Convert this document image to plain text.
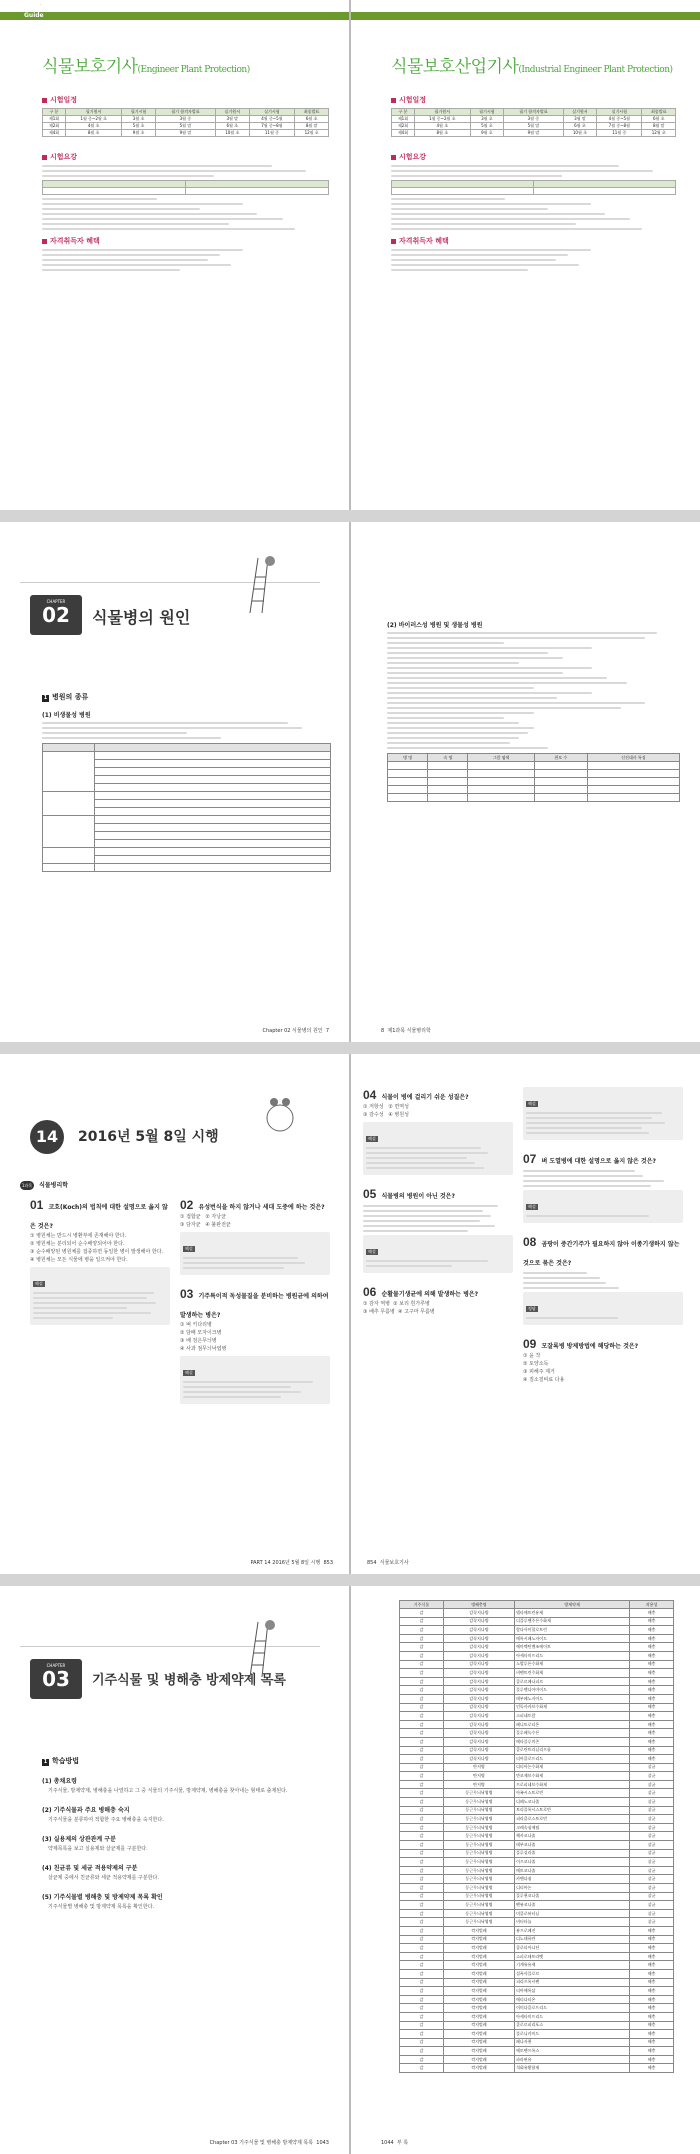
.
Guide
식물보호기사(Engineer Plant Protection)
시험일정
구 분	필기원서	필기시험	필기 합격자발표	실기원서	실기시험	최종발표
제1회	1월 중~2월 초	3월 초	3월 중	3월 말	4월 중~5월	6월 초
제2회	4월 초	5월 초	5월 말	6월 초	7월 중~8월	8월 말
제4회	8월 초	9월 초	9월 말	10월 초	11월 중	12월 초

시험요강

자격취득자 혜택
식물보호산업기사(Industrial Engineer Plant Protection)
시험일정
구 분	필기원서	필기시험	필기 합격자발표	실기원서	실기시험	최종발표
제1회	1월 중~2월 초	3월 초	3월 중	3월 말	4월 중~5월	6월 초
제2회	4월 초	5월 초	5월 말	6월 초	7월 중~8월	8월 말
제4회	8월 초	9월 초	9월 말	10월 초	11월 중	12월 초

시험요강

자격취득자 혜택
CHAPTER
02	식물병의 원인
1 병원의 종류
(1) 비생물성 병원

Chapter 02 식물병의 원인 7
(2) 바이러스성 병원 및 생물성 병원
병 명	속 명	그람 염색	편모 수	신진대사 특징

8 제1과목 식물병리학
14	2016년 5월 8일 시행
1과목 식물병리학
01 코흐(Koch)의 법칙에 대한 설명으로 옳지 않은 것은?
① 병원체는 반드시 병환부에 존재해야 한다.
② 병원체는 분리되어 순수배양되어야 한다.
③ 순수배양된 병원체를 접종하면 동일한 병이 발생해야 한다.
④ 병원체는 모든 식물에 병을 일으켜야 한다.
해설
02 유성번식을 하지 않거나 세대 도중에 하는 것은?
① 접합균 ② 자낭균
③ 담자균 ④ 불완전균
해설
03 기주특이적 독성물질을 분비하는 병원균에 의하여 발생하는 병은?
① 벼 키다리병
② 담배 모자이크병
③ 배 검은무늬병
④ 사과 점무늬낙엽병
해설
PART 14 2016년 5월 8일 시행 853
04 식물이 병에 걸리기 쉬운 성질은?
① 저항성 ② 면역성
③ 감수성 ④ 병원성
해설
05 식물병의 병원이 아닌 것은?
해설
06 순활물기생균에 의해 발생하는 병은?
① 감자 역병 ② 보리 흰가루병
③ 배추 무름병 ④ 고구마 무름병
해설
07 벼 도열병에 대한 설명으로 옳지 않은 것은?
해설
08 곰팡이 중간기주가 필요하지 않아 이종기생하지 않는 것으로 묶은 것은?
정답
09 모잘록병 방제방법에 해당하는 것은?
① 윤 작
② 토양소독
③ 피해주 제거
④ 질소질비료 다용
854 식물보호기사
CHAPTER
03	기주식물 및 병해충 방제약제 목록
1 학습방법
(1) 총채요령
기주식물, 방제약제, 병해충을 나열하고 그 중 식물의 기주식물, 방제약제, 병해충을 찾아내는 형태로 출제된다.
(2) 기주식물과 주요 병해충 숙지
기주식물을 분류하여 적합한 주요 병해충을 숙지한다.
(3) 실용제의 상관관계 구분
약제목록을 보고 실용제와 살균제를 구분한다.
(4) 친균류 및 세균 적용약제의 구분
살균제 중에서 친균류와 세균 적용약제를 구분한다.
(5) 기주식물별 병해충 및 방제약제 목록 확인
기주식물별 병해충 및 방제약제 목록을 확인한다.
Chapter 03 기주식물 및 병해충 방제약제 목록 1043
기주식물	병해충명	방제약제	작용성
감	감꼭지나방	델타메트린유제	해충
감	감꼭지나방	디플루벤주론수화제	해충
감	감꼭지나방	람다사이할로트린	해충
감	감꼭지나방	메톡시페노자이드	해충
감	감꼭지나방	에마멕틴벤조에이트	해충
감	감꼭지나방	아세타미프리드	해충
감	감꼭지나방	노발루론수화제	해충
감	감꼭지나방	비펜트린수화제	해충
감	감꼭지나방	클로르페나피르	해충
감	감꼭지나방	플루벤디아마이드	해충
감	감꼭지나방	테부페노자이드	해충
감	감꼭지나방	인독사카브수화제	해충
감	감꼭지나방	스피네토람	해충
감	감꼭지나방	페니트로티온	해충
감	감꼭지나방	플루페녹수론	해충
감	감꼭지나방	메타플루미존	해충
감	감꼭지나방	클로란트라닐리프롤	해충
감	감꼭지나방	티아클로프리드	해충
감	탄저병	디티아논수화제	살균
감	탄저병	만코제브수화제	살균
감	탄저병	프로피네브수화제	살균
감	둥근무늬낙엽병	아족시스트로빈	살균
감	둥근무늬낙엽병	디페노코나졸	살균
감	둥근무늬낙엽병	트리플록시스트로빈	살균
감	둥근무늬낙엽병	피라클로스트로빈	살균
감	둥근무늬낙엽병	크레속심메틸	살균
감	둥근무늬낙엽병	헥사코나졸	살균
감	둥근무늬낙엽병	테부코나졸	살균
감	둥근무늬낙엽병	플루실라졸	살균
감	둥근무늬낙엽병	이프코나졸	살균
감	둥근무늬낙엽병	메트코나졸	살균
감	둥근무늬낙엽병	카벤다짐	살균
감	둥근무늬낙엽병	디티아논	살균
감	둥근무늬낙엽병	플루퀸코나졸	살균
감	둥근무늬낙엽병	펜뷰코나졸	살균
감	둥근무늬낙엽병	미클로뷰타닐	살균
감	둥근무늬낙엽병	비터타놀	살균
감	깍지벌레	뷰프로페진	해충
감	깍지벌레	디노테퓨란	해충
감	깍지벌레	클로티아니딘	해충
감	깍지벌레	스피로테트라맷	해충
감	깍지벌레	기계유유제	해충
감	깍지벌레	설폭사플로르	해충
감	깍지벌레	피리프록시펜	해충
감	깍지벌레	티아메톡삼	해충
감	깍지벌레	메티다티온	해충
감	깍지벌레	이미다클로프리드	해충
감	깍지벌레	아세타미프리드	해충
감	깍지벌레	클로르피리포스	해충
감	깍지벌레	플로니카미드	해충
감	깍지벌레	페나자퀸	해충
감	깍지벌레	에토펜프록스	해충
감	깍지벌레	파라핀유	해충
감	깍지벌레	석회유황합제	해충
1044 부 록
